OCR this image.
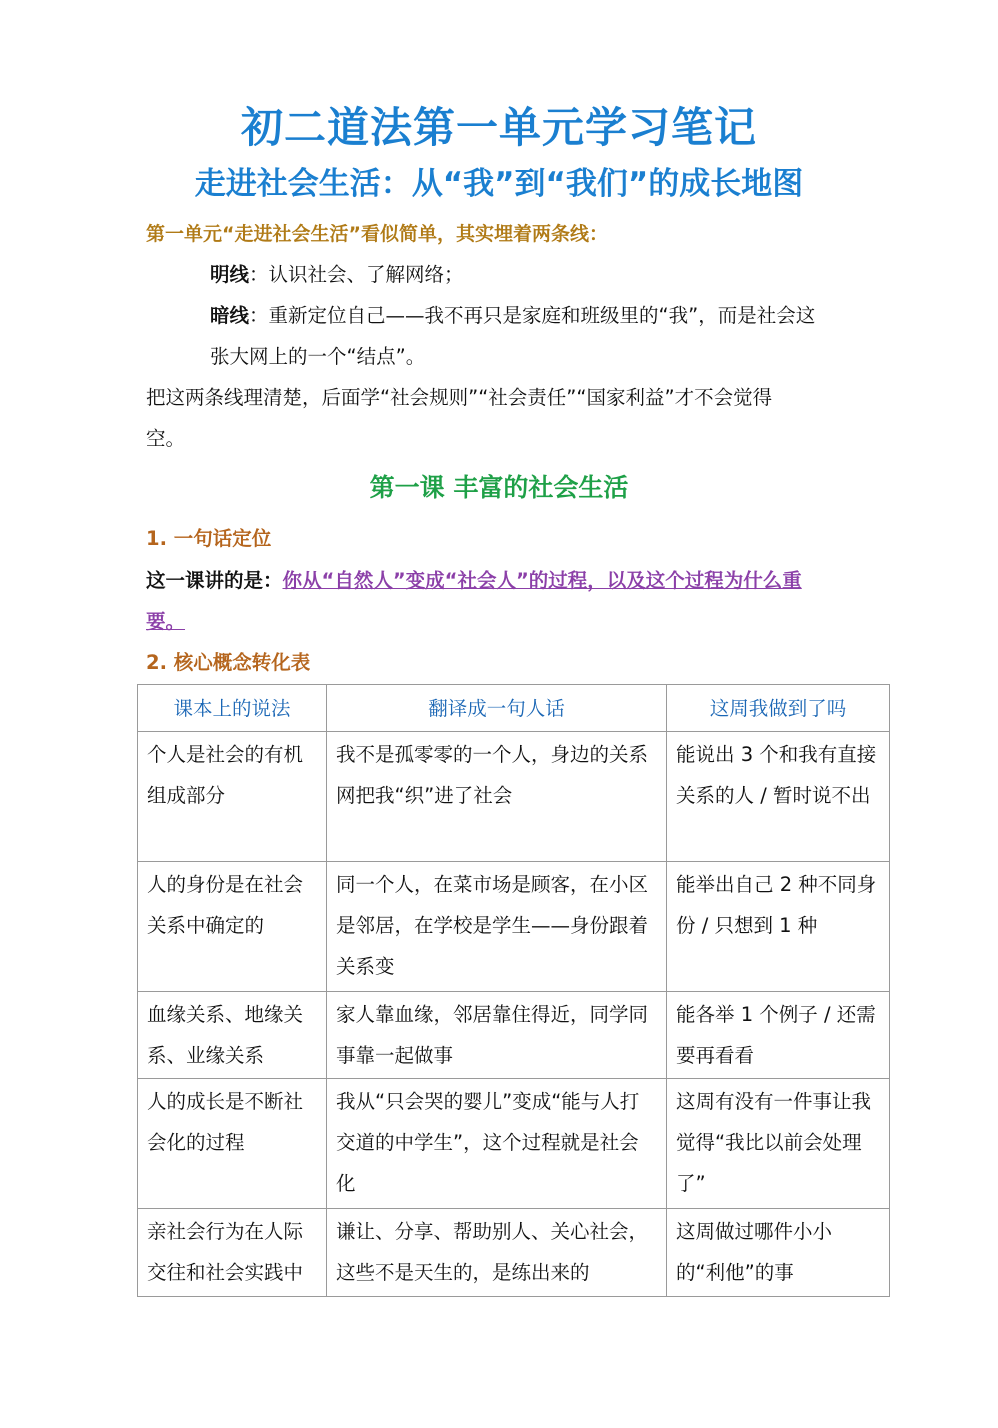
初二道法第一单元学习笔记
走进社会生活：从“我”到“我们”的成长地图
第一单元“走进社会生活”看似简单，其实埋着两条线：
明线：认识社会、了解网络；
暗线：重新定位自己——我不再只是家庭和班级里的“我”，而是社会这
张大网上的一个“结点”。
把这两条线理清楚，后面学“社会规则”“社会责任”“国家利益”才不会觉得
空。
第一课 丰富的社会生活
1. 一句话定位
这一课讲的是：你从“自然人”变成“社会人”的过程，以及这个过程为什么重
要。
2. 核心概念转化表
课本上的说法	翻译成一句人话	这周我做到了吗
个人是社会的有机组成部分	我不是孤零零的一个人，身边的关系网把我“织”进了社会	能说出 3 个和我有直接关系的人 / 暂时说不出
人的身份是在社会关系中确定的	同一个人，在菜市场是顾客，在小区是邻居，在学校是学生——身份跟着关系变	能举出自己 2 种不同身份 / 只想到 1 种
血缘关系、地缘关系、业缘关系	家人靠血缘，邻居靠住得近，同学同事靠一起做事	能各举 1 个例子 / 还需要再看看
人的成长是不断社会化的过程	我从“只会哭的婴儿”变成“能与人打交道的中学生”，这个过程就是社会化	这周有没有一件事让我觉得“我比以前会处理了”
亲社会行为在人际交往和社会实践中	谦让、分享、帮助别人、关心社会，这些不是天生的，是练出来的	这周做过哪件小小的“利他”的事
